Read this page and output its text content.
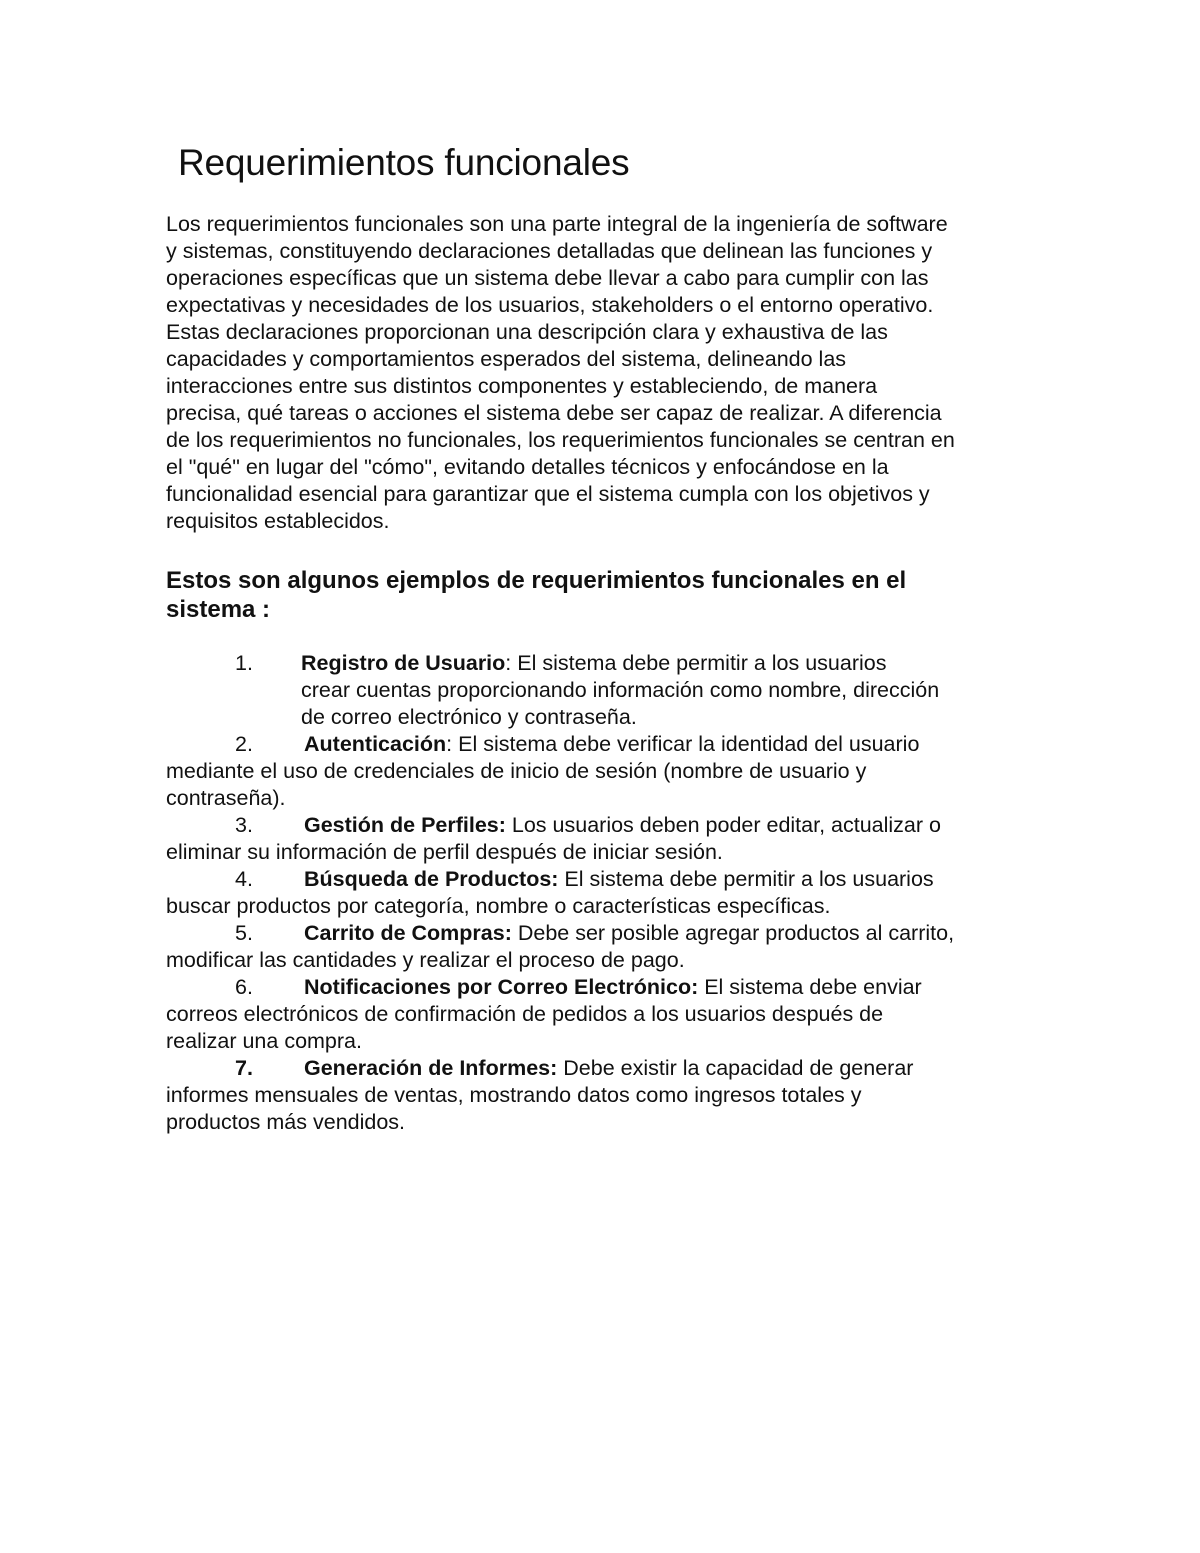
Requerimientos funcionales

Los requerimientos funcionales son una parte integral de la ingeniería de software
y sistemas, constituyendo declaraciones detalladas que delinean las funciones y
operaciones específicas que un sistema debe llevar a cabo para cumplir con las
expectativas y necesidades de los usuarios, stakeholders o el entorno operativo.
Estas declaraciones proporcionan una descripción clara y exhaustiva de las
capacidades y comportamientos esperados del sistema, delineando las
interacciones entre sus distintos componentes y estableciendo, de manera
precisa, qué tareas o acciones el sistema debe ser capaz de realizar. A diferencia
de los requerimientos no funcionales, los requerimientos funcionales se centran en
el "qué" en lugar del "cómo", evitando detalles técnicos y enfocándose en la
funcionalidad esencial para garantizar que el sistema cumpla con los objetivos y
requisitos establecidos.

Estos son algunos ejemplos de requerimientos funcionales en el
sistema :
1. Registro de Usuario: El sistema debe permitir a los usuarios
crear cuentas proporcionando información como nombre, dirección
de correo electrónico y contraseña.
2. Autenticación: El sistema debe verificar la identidad del usuario
mediante el uso de credenciales de inicio de sesión (nombre de usuario y
contraseña).
3. Gestión de Perfiles: Los usuarios deben poder editar, actualizar o
eliminar su información de perfil después de iniciar sesión.
4. Búsqueda de Productos: El sistema debe permitir a los usuarios
buscar productos por categoría, nombre o características específicas.
5. Carrito de Compras: Debe ser posible agregar productos al carrito,
modificar las cantidades y realizar el proceso de pago.
6. Notificaciones por Correo Electrónico: El sistema debe enviar
correos electrónicos de confirmación de pedidos a los usuarios después de
realizar una compra.
7. Generación de Informes: Debe existir la capacidad de generar
informes mensuales de ventas, mostrando datos como ingresos totales y
productos más vendidos.
